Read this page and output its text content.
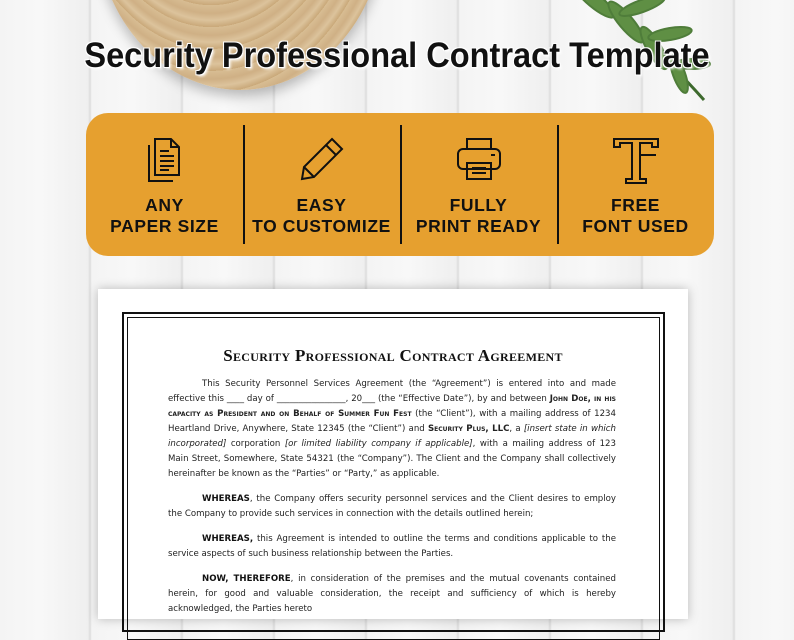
Security Professional Contract Template
ANY
PAPER SIZE
EASY
TO CUSTOMIZE
FULLY
PRINT READY
FREE
FONT USED
Security Professional Contract Agreement

This Security Personnel Services Agreement (the “Agreement”) is entered into and made effective this ____ day of ________________, 20___ (the “Effective Date”), by and between John Doe, in his capacity as President and on Behalf of Summer Fun Fest (the “Client”), with a mailing address of 1234 Heartland Drive, Anywhere, State 12345 (the “Client”) and Security Plus, LLC, a [insert state in which incorporated] corporation [or limited liability company if applicable], with a mailing address of 123 Main Street, Somewhere, State 54321 (the “Company”). The Client and the Company shall collectively hereinafter be known as the “Parties” or “Party,” as applicable.

WHEREAS, the Company offers security personnel services and the Client desires to employ the Company to provide such services in connection with the details outlined herein;

WHEREAS, this Agreement is intended to outline the terms and conditions applicable to the service aspects of such business relationship between the Parties.

NOW, THEREFORE, in consideration of the premises and the mutual covenants contained herein, for good and valuable consideration, the receipt and sufficiency of which is hereby acknowledged, the Parties hereto
